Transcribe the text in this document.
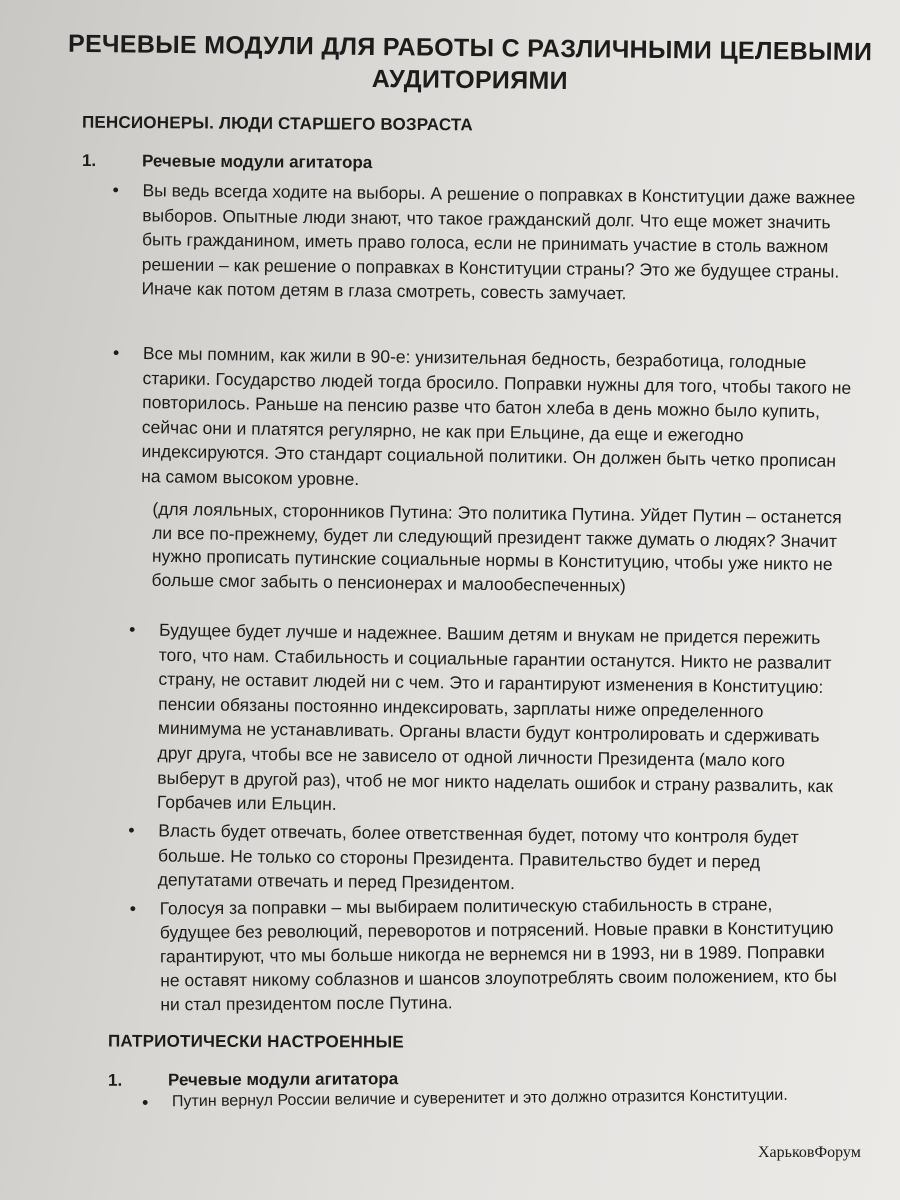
РЕЧЕВЫЕ МОДУЛИ ДЛЯ РАБОТЫ С РАЗЛИЧНЫМИ ЦЕЛЕВЫМИ АУДИТОРИЯМИ
ПЕНСИОНЕРЫ. ЛЮДИ СТАРШЕГО ВОЗРАСТА
1.	Речевые модули агитатора
• Вы ведь всегда ходите на выборы. А решение о поправках в Конституции даже важнее выборов. Опытные люди знают, что такое гражданский долг. Что еще может значить быть гражданином, иметь право голоса, если не принимать участие в столь важном решении – как решение о поправках в Конституции страны? Это же будущее страны. Иначе как потом детям в глаза смотреть, совесть замучает.
• Все мы помним, как жили в 90-е: унизительная бедность, безработица, голодные старики. Государство людей тогда бросило. Поправки нужны для того, чтобы такого не повторилось. Раньше на пенсию разве что батон хлеба в день можно было купить, сейчас они и платятся регулярно, не как при Ельцине, да еще и ежегодно индексируются. Это стандарт социальной политики. Он должен быть четко прописан на самом высоком уровне.
(для лояльных, сторонников Путина: Это политика Путина. Уйдет Путин – останется ли все по-прежнему, будет ли следующий президент также думать о людях? Значит нужно прописать путинские социальные нормы в Конституцию, чтобы уже никто не больше смог забыть о пенсионерах и малообеспеченных)
• Будущее будет лучше и надежнее. Вашим детям и внукам не придется пережить того, что нам. Стабильность и социальные гарантии останутся. Никто не развалит страну, не оставит людей ни с чем. Это и гарантируют изменения в Конституцию: пенсии обязаны постоянно индексировать, зарплаты ниже определенного минимума не устанавливать. Органы власти будут контролировать и сдерживать друг друга, чтобы все не зависело от одной личности Президента (мало кого выберут в другой раз), чтоб не мог никто наделать ошибок и страну развалить, как Горбачев или Ельцин.
• Власть будет отвечать, более ответственная будет, потому что контроля будет больше. Не только со стороны Президента. Правительство будет и перед депутатами отвечать и перед Президентом.
• Голосуя за поправки – мы выбираем политическую стабильность в стране, будущее без революций, переворотов и потрясений. Новые правки в Конституцию гарантируют, что мы больше никогда не вернемся ни в 1993, ни в 1989. Поправки не оставят никому соблазнов и шансов злоупотреблять своим положением, кто бы ни стал президентом после Путина.
ПАТРИОТИЧЕСКИ НАСТРОЕННЫЕ
1.	Речевые модули агитатора
• Путин вернул России величие и суверенитет и это должно отразится Конституции.
ХарьковФорум
